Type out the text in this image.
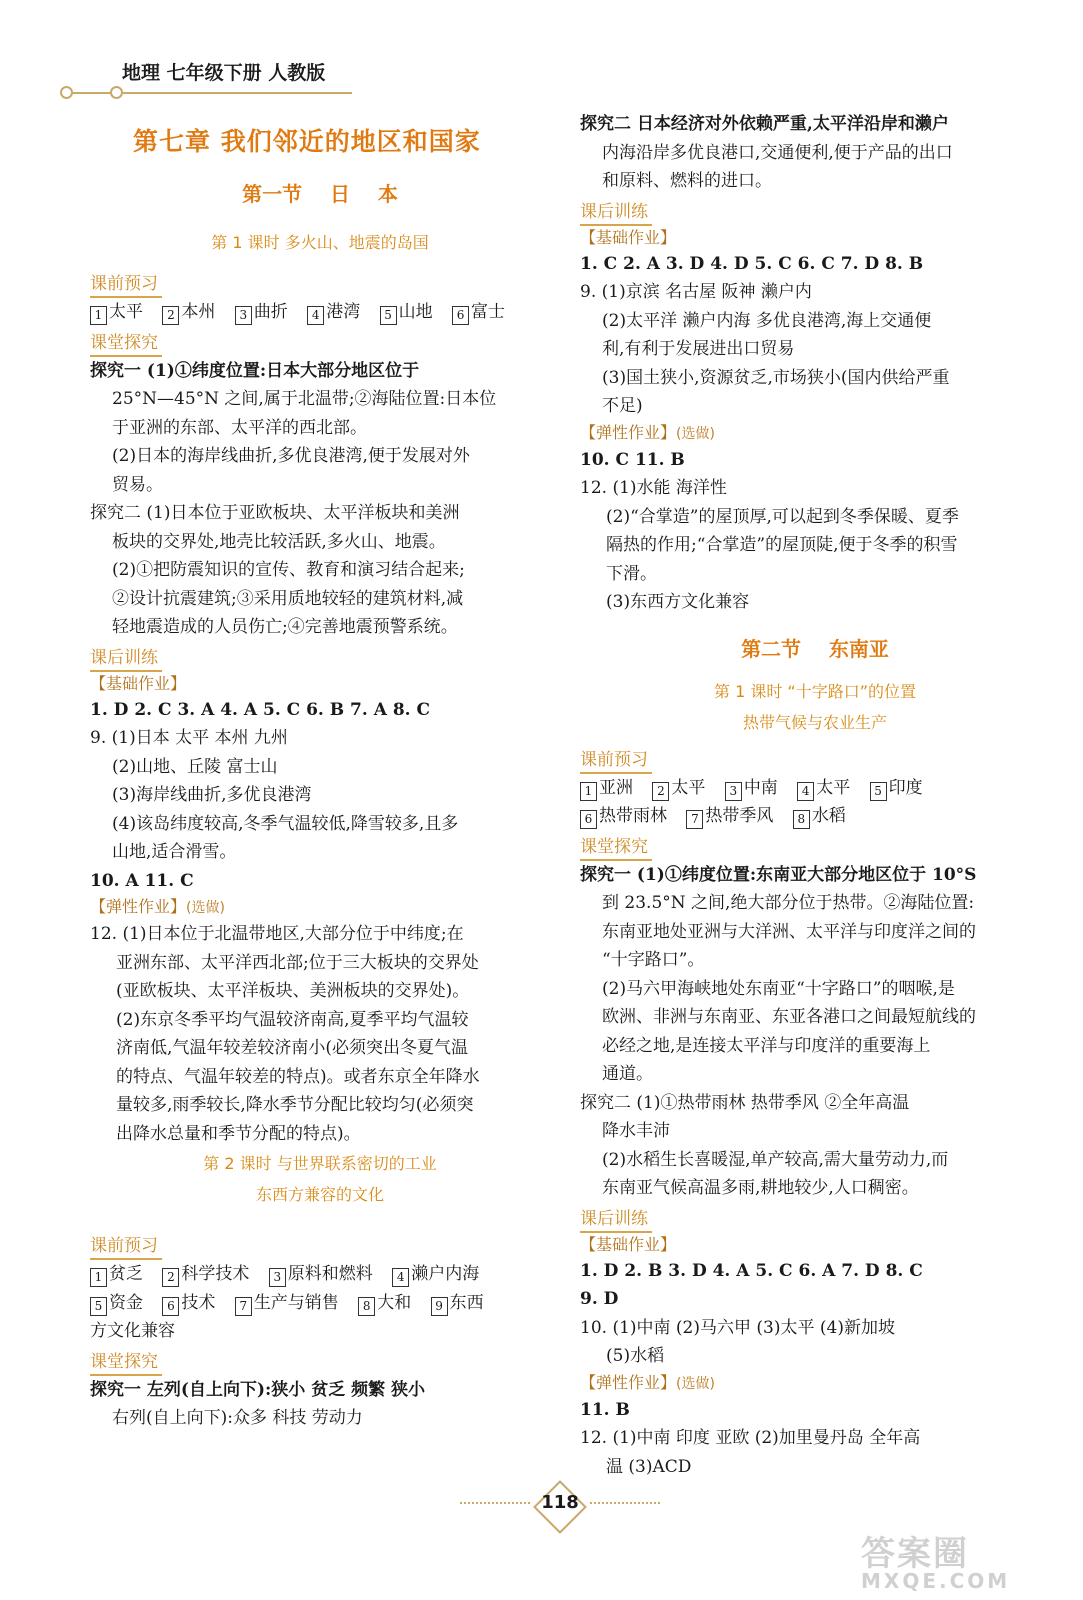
地理 七年级下册 人教版
第七章 我们邻近的地区和国家
第一节    日    本
第 1 课时 多火山、地震的岛国
课前预习
1 太平 2 本州 3 曲折 4 港湾 5 山地 6 富士
课堂探究
探究一 (1)①纬度位置:日本大部分地区位于
25°N—45°N 之间,属于北温带;②海陆位置:日本位
于亚洲的东部、太平洋的西北部。
(2)日本的海岸线曲折,多优良港湾,便于发展对外
贸易。
探究二 (1)日本位于亚欧板块、太平洋板块和美洲
板块的交界处,地壳比较活跃,多火山、地震。
(2)①把防震知识的宣传、教育和演习结合起来;
②设计抗震建筑;③采用质地较轻的建筑材料,减
轻地震造成的人员伤亡;④完善地震预警系统。
课后训练
【基础作业】
1. D 2. C 3. A 4. A 5. C 6. B 7. A 8. C
9. (1)日本 太平 本州 九州
(2)山地、丘陵 富士山
(3)海岸线曲折,多优良港湾
(4)该岛纬度较高,冬季气温较低,降雪较多,且多
山地,适合滑雪。
10. A 11. C
【弹性作业】(选做)
12. (1)日本位于北温带地区,大部分位于中纬度;在
亚洲东部、太平洋西北部;位于三大板块的交界处
(亚欧板块、太平洋板块、美洲板块的交界处)。
(2)东京冬季平均气温较济南高,夏季平均气温较
济南低,气温年较差较济南小(必须突出冬夏气温
的特点、气温年较差的特点)。或者东京全年降水
量较多,雨季较长,降水季节分配比较均匀(必须突
出降水总量和季节分配的特点)。
第 2 课时 与世界联系密切的工业
东西方兼容的文化
课前预习
1 贫乏 2 科学技术 3 原料和燃料 4 濑户内海
5 资金 6 技术 7 生产与销售 8 大和 9 东西
方文化兼容
课堂探究
探究一 左列(自上向下):狭小 贫乏 频繁 狭小
右列(自上向下):众多 科技 劳动力
探究二 日本经济对外依赖严重,太平洋沿岸和濑户
内海沿岸多优良港口,交通便利,便于产品的出口
和原料、燃料的进口。
课后训练
【基础作业】
1. C 2. A 3. D 4. D 5. C 6. C 7. D 8. B
9. (1)京滨 名古屋 阪神 濑户内
(2)太平洋 濑户内海 多优良港湾,海上交通便
利,有利于发展进出口贸易
(3)国土狭小,资源贫乏,市场狭小(国内供给严重
不足)
【弹性作业】(选做)
10. C 11. B
12. (1)水能 海洋性
(2)“合掌造”的屋顶厚,可以起到冬季保暖、夏季
隔热的作用;“合掌造”的屋顶陡,便于冬季的积雪
下滑。
(3)东西方文化兼容
第二节    东南亚
第 1 课时 “十字路口”的位置
热带气候与农业生产
课前预习
1 亚洲 2 太平 3 中南 4 太平 5 印度
6 热带雨林 7 热带季风 8 水稻
课堂探究
探究一 (1)①纬度位置:东南亚大部分地区位于 10°S
到 23.5°N 之间,绝大部分位于热带。②海陆位置:
东南亚地处亚洲与大洋洲、太平洋与印度洋之间的
“十字路口”。
(2)马六甲海峡地处东南亚“十字路口”的咽喉,是
欧洲、非洲与东南亚、东亚各港口之间最短航线的
必经之地,是连接太平洋与印度洋的重要海上
通道。
探究二 (1)①热带雨林 热带季风 ②全年高温
降水丰沛
(2)水稻生长喜暖湿,单产较高,需大量劳动力,而
东南亚气候高温多雨,耕地较少,人口稠密。
课后训练
【基础作业】
1. D 2. B 3. D 4. A 5. C 6. A 7. D 8. C
9. D
10. (1)中南 (2)马六甲 (3)太平 (4)新加坡
(5)水稻
【弹性作业】(选做)
11. B
12. (1)中南 印度 亚欧 (2)加里曼丹岛 全年高
温 (3)ACD
118
答案圈
MXQE.COM
